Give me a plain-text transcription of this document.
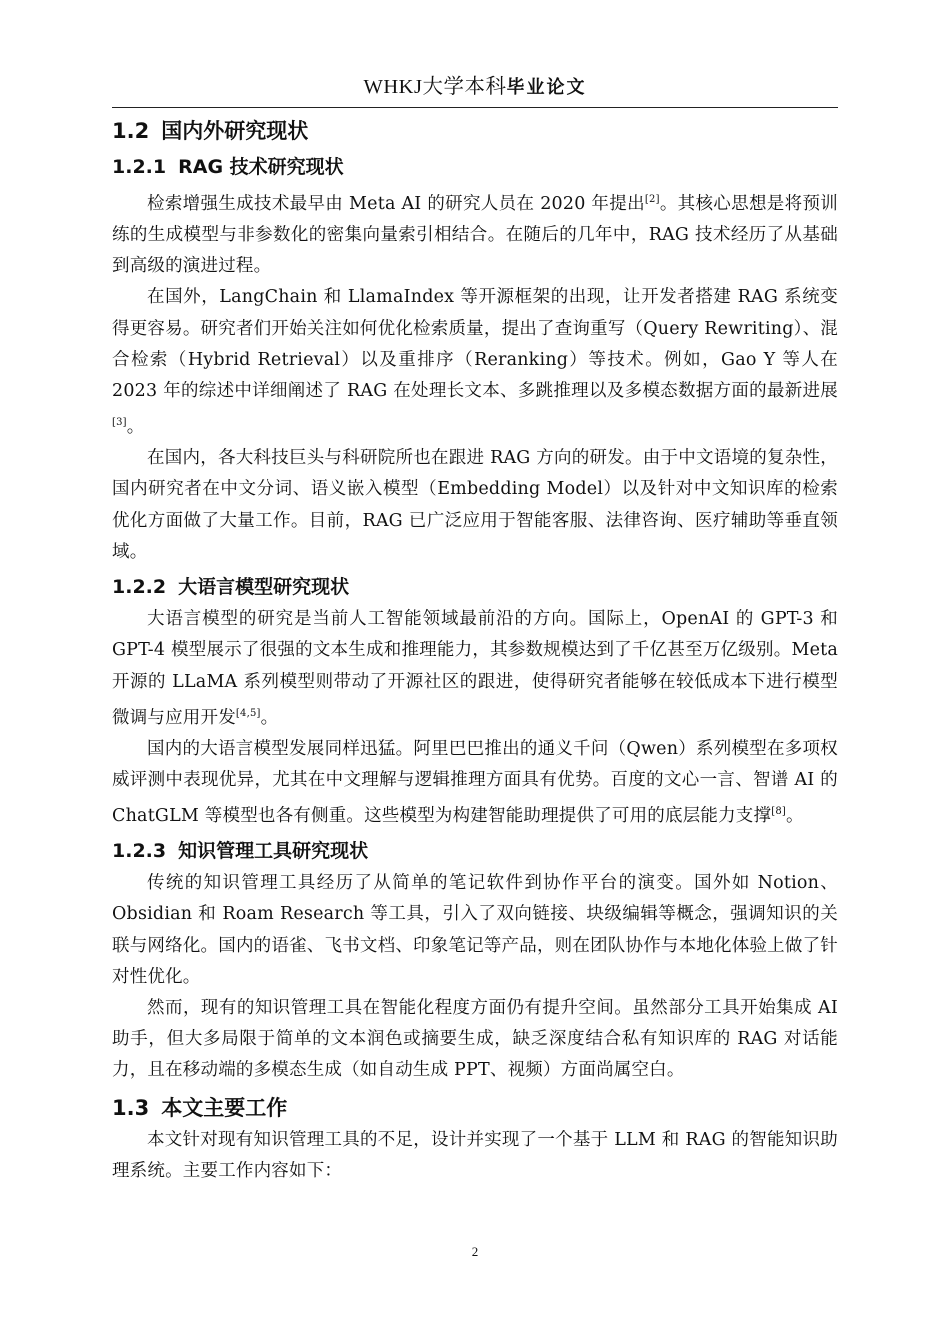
WHKJ大学本科毕业论文
1.2 国内外研究现状
1.2.1 RAG 技术研究现状

检索增强生成技术最早由 Meta AI 的研究人员在 2020 年提出[2]。其核心思想是将预训练的生成模型与非参数化的密集向量索引相结合。在随后的几年中，RAG 技术经历了从基础到高级的演进过程。

在国外，LangChain 和 LlamaIndex 等开源框架的出现，让开发者搭建 RAG 系统变得更容易。研究者们开始关注如何优化检索质量，提出了查询重写（Query Rewriting）、混合检索（Hybrid Retrieval）以及重排序（Reranking）等技术。例如，Gao Y 等人在 2023 年的综述中详细阐述了 RAG 在处理长文本、多跳推理以及多模态数据方面的最新进展[3]。

在国内，各大科技巨头与科研院所也在跟进 RAG 方向的研发。由于中文语境的复杂性，国内研究者在中文分词、语义嵌入模型（Embedding Model）以及针对中文知识库的检索优化方面做了大量工作。目前，RAG 已广泛应用于智能客服、法律咨询、医疗辅助等垂直领域。

1.2.2 大语言模型研究现状

大语言模型的研究是当前人工智能领域最前沿的方向。国际上，OpenAI 的 GPT-3 和 GPT-4 模型展示了很强的文本生成和推理能力，其参数规模达到了千亿甚至万亿级别。Meta 开源的 LLaMA 系列模型则带动了开源社区的跟进，使得研究者能够在较低成本下进行模型微调与应用开发[4,5]。

国内的大语言模型发展同样迅猛。阿里巴巴推出的通义千问（Qwen）系列模型在多项权威评测中表现优异，尤其在中文理解与逻辑推理方面具有优势。百度的文心一言、智谱 AI 的 ChatGLM 等模型也各有侧重。这些模型为构建智能助理提供了可用的底层能力支撑[8]。

1.2.3 知识管理工具研究现状

传统的知识管理工具经历了从简单的笔记软件到协作平台的演变。国外如 Notion、Obsidian 和 Roam Research 等工具，引入了双向链接、块级编辑等概念，强调知识的关联与网络化。国内的语雀、飞书文档、印象笔记等产品，则在团队协作与本地化体验上做了针对性优化。

然而，现有的知识管理工具在智能化程度方面仍有提升空间。虽然部分工具开始集成 AI 助手，但大多局限于简单的文本润色或摘要生成，缺乏深度结合私有知识库的 RAG 对话能力，且在移动端的多模态生成（如自动生成 PPT、视频）方面尚属空白。

1.3 本文主要工作

本文针对现有知识管理工具的不足，设计并实现了一个基于 LLM 和 RAG 的智能知识助理系统。主要工作内容如下：

2
